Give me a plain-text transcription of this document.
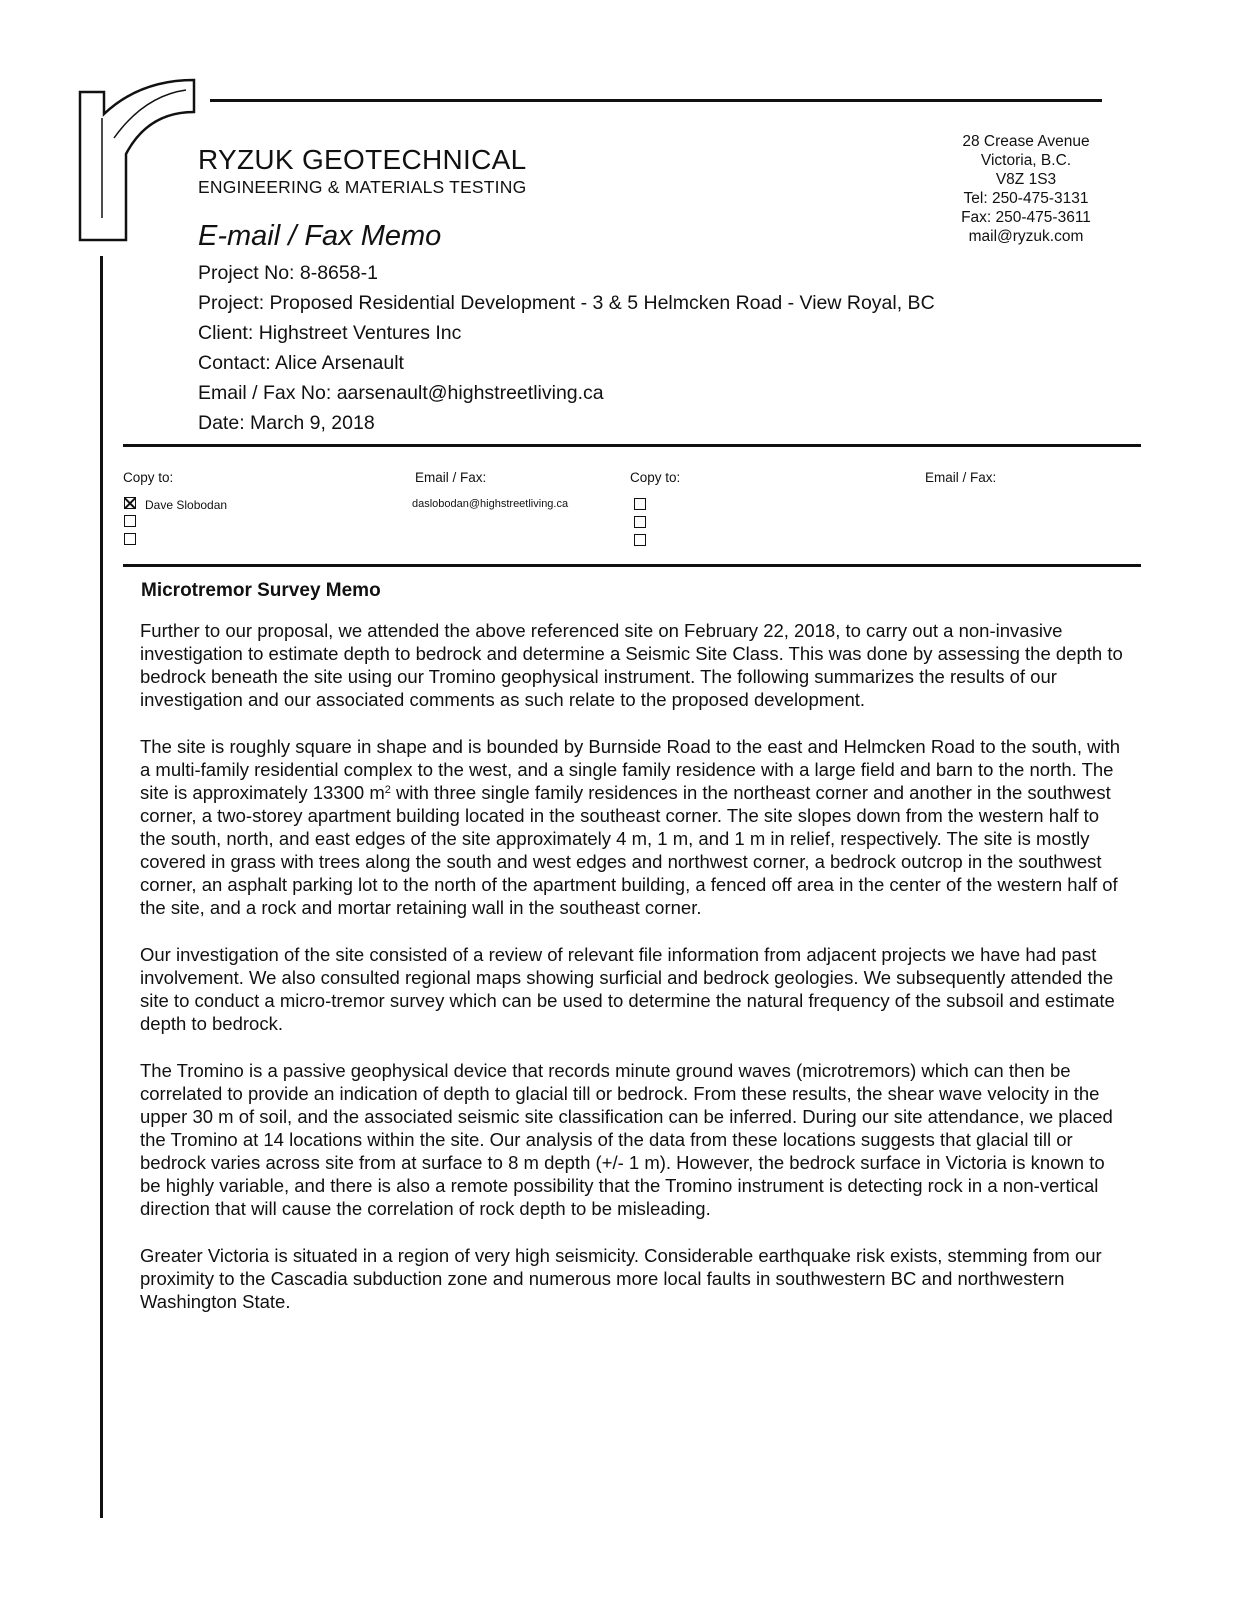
RYZUK GEOTECHNICAL
ENGINEERING & MATERIALS TESTING
E-mail / Fax Memo
28 Crease Avenue
Victoria, B.C.
V8Z 1S3
Tel: 250-475-3131
Fax: 250-475-3611
mail@ryzuk.com
Project No: 8-8658-1
Project: Proposed Residential Development - 3 & 5 Helmcken Road - View Royal, BC
Client: Highstreet Ventures Inc
Contact: Alice Arsenault
Email / Fax No: aarsenault@highstreetliving.ca
Date: March 9, 2018
Copy to:	Email / Fax:	Copy to:	Email / Fax:
Dave Slobodan	daslobodan@highstreetliving.ca
Microtremor Survey Memo

Further to our proposal, we attended the above referenced site on February 22, 2018, to carry out a non-invasive investigation to estimate depth to bedrock and determine a Seismic Site Class. This was done by assessing the depth to bedrock beneath the site using our Tromino geophysical instrument. The following summarizes the results of our investigation and our associated comments as such relate to the proposed development.

The site is roughly square in shape and is bounded by Burnside Road to the east and Helmcken Road to the south, with a multi-family residential complex to the west, and a single family residence with a large field and barn to the north. The site is approximately 13300 $m^2$ with three single family residences in the northeast corner and another in the southwest corner, a two-storey apartment building located in the southeast corner. The site slopes down from the western half to the south, north, and east edges of the site approximately 4 m, 1 m, and 1 m in relief, respectively. The site is mostly covered in grass with trees along the south and west edges and northwest corner, a bedrock outcrop in the southwest corner, an asphalt parking lot to the north of the apartment building, a fenced off area in the center of the western half of the site, and a rock and mortar retaining wall in the southeast corner.

Our investigation of the site consisted of a review of relevant file information from adjacent projects we have had past involvement. We also consulted regional maps showing surficial and bedrock geologies. We subsequently attended the site to conduct a micro-tremor survey which can be used to determine the natural frequency of the subsoil and estimate depth to bedrock.

The Tromino is a passive geophysical device that records minute ground waves (microtremors) which can then be correlated to provide an indication of depth to glacial till or bedrock. From these results, the shear wave velocity in the upper 30 m of soil, and the associated seismic site classification can be inferred. During our site attendance, we placed the Tromino at 14 locations within the site. Our analysis of the data from these locations suggests that glacial till or bedrock varies across site from at surface to 8 m depth (+/- 1 m). However, the bedrock surface in Victoria is known to be highly variable, and there is also a remote possibility that the Tromino instrument is detecting rock in a non-vertical direction that will cause the correlation of rock depth to be misleading.

Greater Victoria is situated in a region of very high seismicity. Considerable earthquake risk exists, stemming from our proximity to the Cascadia subduction zone and numerous more local faults in southwestern BC and northwestern Washington State.
